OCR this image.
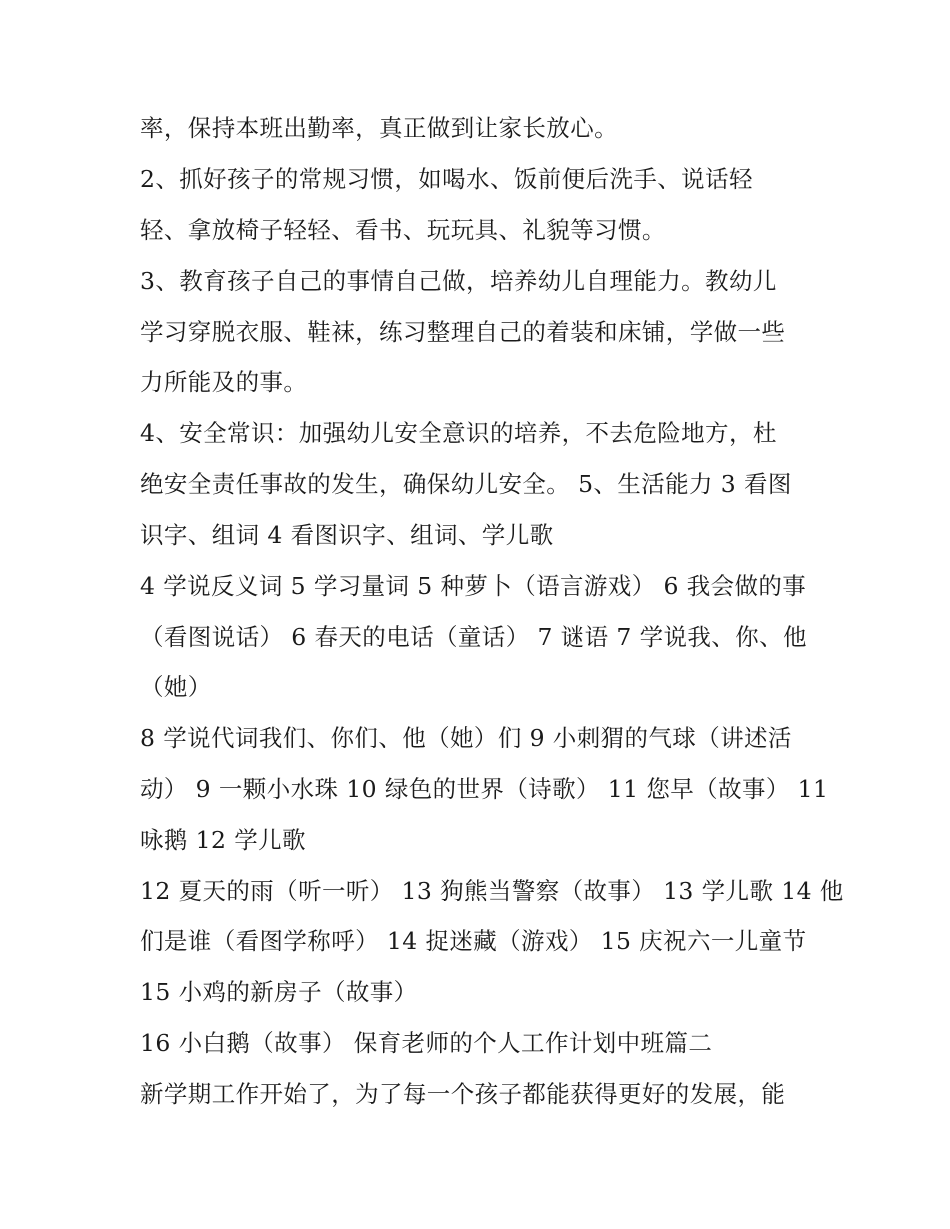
率，保持本班出勤率，真正做到让家长放心。
2、抓好孩子的常规习惯，如喝水、饭前便后洗手、说话轻
轻、拿放椅子轻轻、看书、玩玩具、礼貌等习惯。
3、教育孩子自己的事情自己做，培养幼儿自理能力。教幼儿
学习穿脱衣服、鞋袜，练习整理自己的着装和床铺，学做一些
力所能及的事。
4、安全常识：加强幼儿安全意识的培养，不去危险地方，杜
绝安全责任事故的发生，确保幼儿安全。 5、生活能力 3 看图
识字、组词 4 看图识字、组词、学儿歌
4 学说反义词 5 学习量词 5 种萝卜（语言游戏） 6 我会做的事
（看图说话） 6 春天的电话（童话） 7 谜语 7 学说我、你、他
（她）
8 学说代词我们、你们、他（她）们 9 小刺猬的气球（讲述活
动） 9 一颗小水珠 10 绿色的世界（诗歌） 11 您早（故事） 11
咏鹅 12 学儿歌
12 夏天的雨（听一听） 13 狗熊当警察（故事） 13 学儿歌 14 他
们是谁（看图学称呼） 14 捉迷藏（游戏） 15 庆祝六一儿童节
15 小鸡的新房子（故事）
16 小白鹅（故事） 保育老师的个人工作计划中班篇二
新学期工作开始了，为了每一个孩子都能获得更好的发展，能
